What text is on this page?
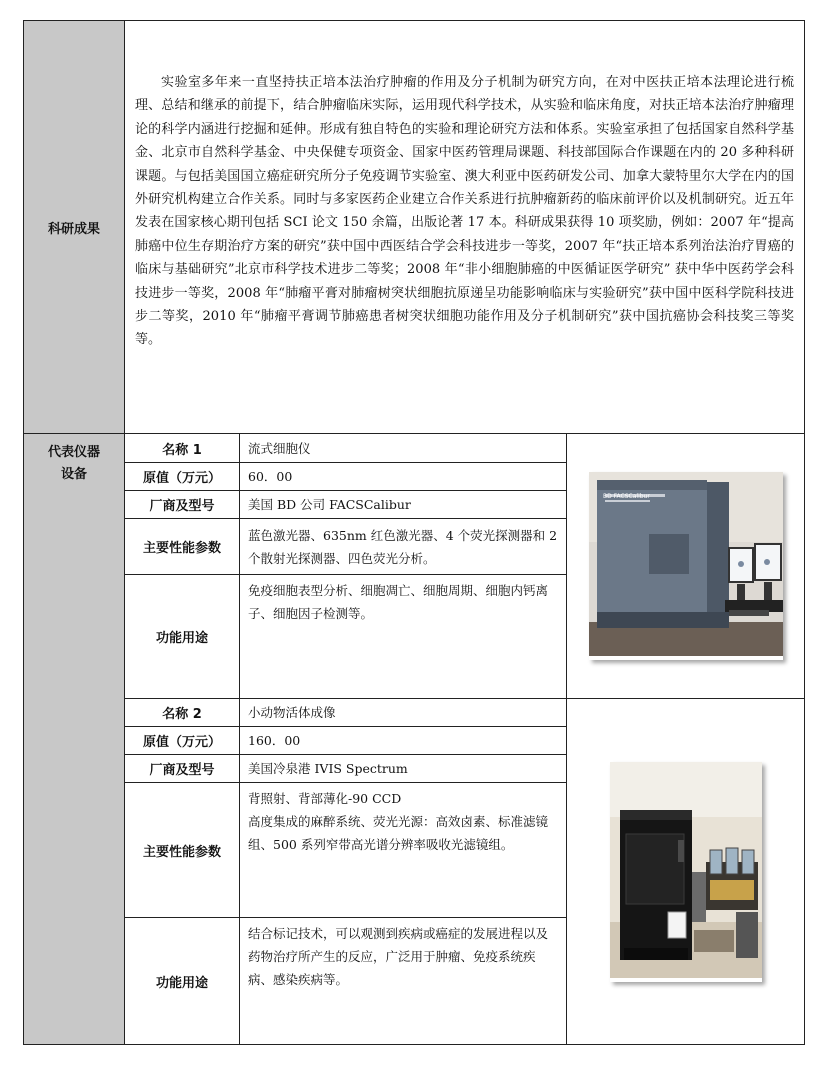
科研成果	实验室多年来一直坚持扶正培本法治疗肿瘤的作用及分子机制为研究方向，在对中医扶正培本法理论进行梳理、总结和继承的前提下，结合肿瘤临床实际，运用现代科学技术，从实验和临床角度，对扶正培本法治疗肿瘤理论的科学内涵进行挖掘和延伸。形成有独自特色的实验和理论研究方法和体系。实验室承担了包括国家自然科学基金、北京市自然科学基金、中央保健专项资金、国家中医药管理局课题、科技部国际合作课题在内的 20 多种科研课题。与包括美国国立癌症研究所分子免疫调节实验室、澳大利亚中医药研发公司、加拿大蒙特里尔大学在内的国外研究机构建立合作关系。同时与多家医药企业建立合作关系进行抗肿瘤新药的临床前评价以及机制研究。近五年发表在国家核心期刊包括 SCI 论文 150 余篇，出版论著 17 本。科研成果获得 10 项奖励，例如：2007 年“提高肺癌中位生存期治疗方案的研究”获中国中西医结合学会科技进步一等奖，2007 年“扶正培本系列治法治疗胃癌的临床与基础研究”北京市科学技术进步二等奖；2008 年“非小细胞肺癌的中医循证医学研究” 获中华中医药学会科技进步一等奖，2008 年“肺瘤平膏对肺瘤树突状细胞抗原递呈功能影响临床与实验研究”获中国中医科学院科技进步二等奖，2010 年“肺瘤平膏调节肺癌患者树突状细胞功能作用及分子机制研究”获中国抗癌协会科技奖三等奖等。		

代表仪器设备	名称 1	流式细胞仪	BD FACSCalibur

	原值（万元）	60．00	
	厂商及型号	美国 BD 公司 FACSCalibur	
	主要性能参数	蓝色激光器、635nm 红色激光器、4 个荧光探测器和 2 个散射光探测器、四色荧光分析。	
	功能用途	免疫细胞表型分析、细胞凋亡、细胞周期、细胞内钙离子、细胞因子检测等。	
	名称 2	小动物活体成像	
	原值（万元）	160．00	
	厂商及型号	美国冷泉港 IVIS Spectrum	
	主要性能参数	背照射、背部薄化-90 CCD
高度集成的麻醉系统、荧光光源：高效卤素、标准滤镜组、500 系列窄带高光谱分辨率吸收光滤镜组。	

	功能用途	结合标记技术，可以观测到疾病或癌症的发展进程以及药物治疗所产生的反应，广泛用于肿瘤、免疫系统疾病、感染疾病等。	
